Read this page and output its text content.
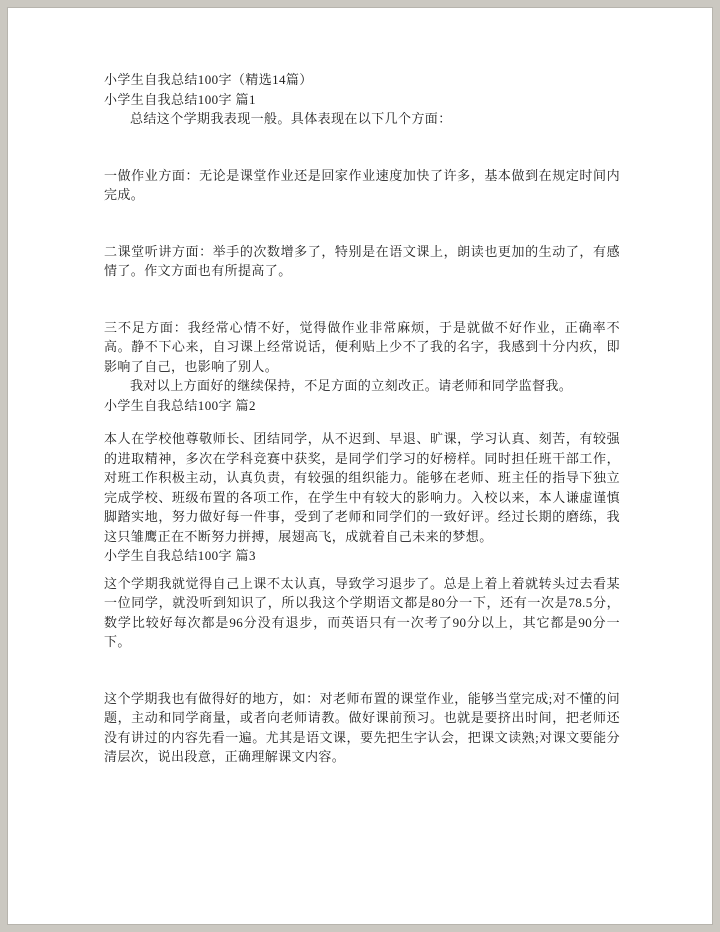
小学生自我总结100字（精选14篇）

小学生自我总结100字 篇1

总结这个学期我表现一般。具体表现在以下几个方面：

一做作业方面：无论是课堂作业还是回家作业速度加快了许多，基本做到在规定时间内完成。

二课堂听讲方面：举手的次数增多了，特别是在语文课上，朗读也更加的生动了，有感情了。作文方面也有所提高了。

三不足方面：我经常心情不好，觉得做作业非常麻烦，于是就做不好作业，正确率不高。静不下心来，自习课上经常说话，便利贴上少不了我的名字，我感到十分内疚，即影响了自己，也影响了别人。

我对以上方面好的继续保持，不足方面的立刻改正。请老师和同学监督我。

小学生自我总结100字 篇2

本人在学校他尊敬师长、团结同学，从不迟到、早退、旷课，学习认真、刻苦，有较强的进取精神，多次在学科竞赛中获奖，是同学们学习的好榜样。同时担任班干部工作，对班工作积极主动，认真负责，有较强的组织能力。能够在老师、班主任的指导下独立完成学校、班级布置的各项工作，在学生中有较大的影响力。入校以来，本人谦虚谨慎脚踏实地，努力做好每一件事，受到了老师和同学们的一致好评。经过长期的磨练，我这只雏鹰正在不断努力拼搏，展翅高飞，成就着自己未来的梦想。

小学生自我总结100字 篇3

这个学期我就觉得自己上课不太认真，导致学习退步了。总是上着上着就转头过去看某一位同学，就没听到知识了，所以我这个学期语文都是80分一下，还有一次是78.5分，数学比较好每次都是96分没有退步，而英语只有一次考了90分以上，其它都是90分一下。

这个学期我也有做得好的地方，如：对老师布置的课堂作业，能够当堂完成;对不懂的问题，主动和同学商量，或者向老师请教。做好课前预习。也就是要挤出时间，把老师还没有讲过的内容先看一遍。尤其是语文课，要先把生字认会，把课文读熟;对课文要能分清层次，说出段意，正确理解课文内容。
